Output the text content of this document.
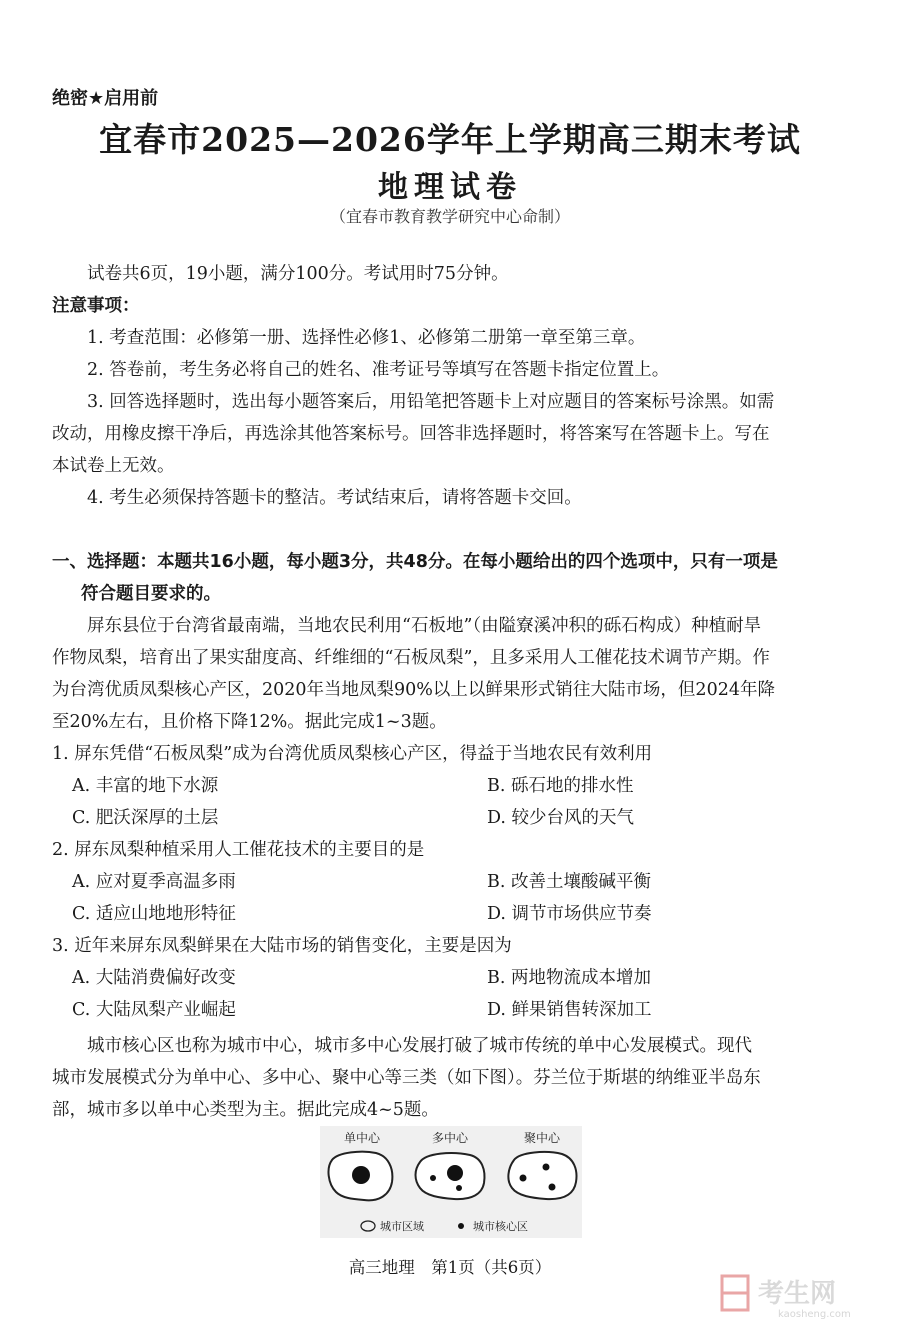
绝密★启用前
宜春市2025—2026学年上学期高三期末考试
地理试卷
（宜春市教育教学研究中心命制）
试卷共6页，19小题，满分100分。考试用时75分钟。
注意事项：
1. 考查范围：必修第一册、选择性必修1、必修第二册第一章至第三章。
2. 答卷前，考生务必将自己的姓名、准考证号等填写在答题卡指定位置上。
3. 回答选择题时，选出每小题答案后，用铅笔把答题卡上对应题目的答案标号涂黑。如需
改动，用橡皮擦干净后，再选涂其他答案标号。回答非选择题时，将答案写在答题卡上。写在
本试卷上无效。
4. 考生必须保持答题卡的整洁。考试结束后，请将答题卡交回。
一、选择题：本题共16小题，每小题3分，共48分。在每小题给出的四个选项中，只有一项是
符合题目要求的。
屏东县位于台湾省最南端，当地农民利用“石板地”（由隘寮溪冲积的砾石构成）种植耐旱
作物凤梨，培育出了果实甜度高、纤维细的“石板凤梨”，且多采用人工催花技术调节产期。作
为台湾优质凤梨核心产区，2020年当地凤梨90%以上以鲜果形式销往大陆市场，但2024年降
至20%左右，且价格下降12%。据此完成1~3题。
1. 屏东凭借“石板凤梨”成为台湾优质凤梨核心产区，得益于当地农民有效利用
A. 丰富的地下水源	B. 砾石地的排水性
C. 肥沃深厚的土层	D. 较少台风的天气
2. 屏东凤梨种植采用人工催花技术的主要目的是
A. 应对夏季高温多雨	B. 改善土壤酸碱平衡
C. 适应山地地形特征	D. 调节市场供应节奏
3. 近年来屏东凤梨鲜果在大陆市场的销售变化，主要是因为
A. 大陆消费偏好改变	B. 两地物流成本增加
C. 大陆凤梨产业崛起	D. 鲜果销售转深加工
城市核心区也称为城市中心，城市多中心发展打破了城市传统的单中心发展模式。现代
城市发展模式分为单中心、多中心、聚中心等三类（如下图）。芬兰位于斯堪的纳维亚半岛东
部，城市多以单中心类型为主。据此完成4~5题。
单中心	多中心	聚中心
城市区域	城市核心区
高三地理　第1页（共6页）
考生网
kaosheng.com
